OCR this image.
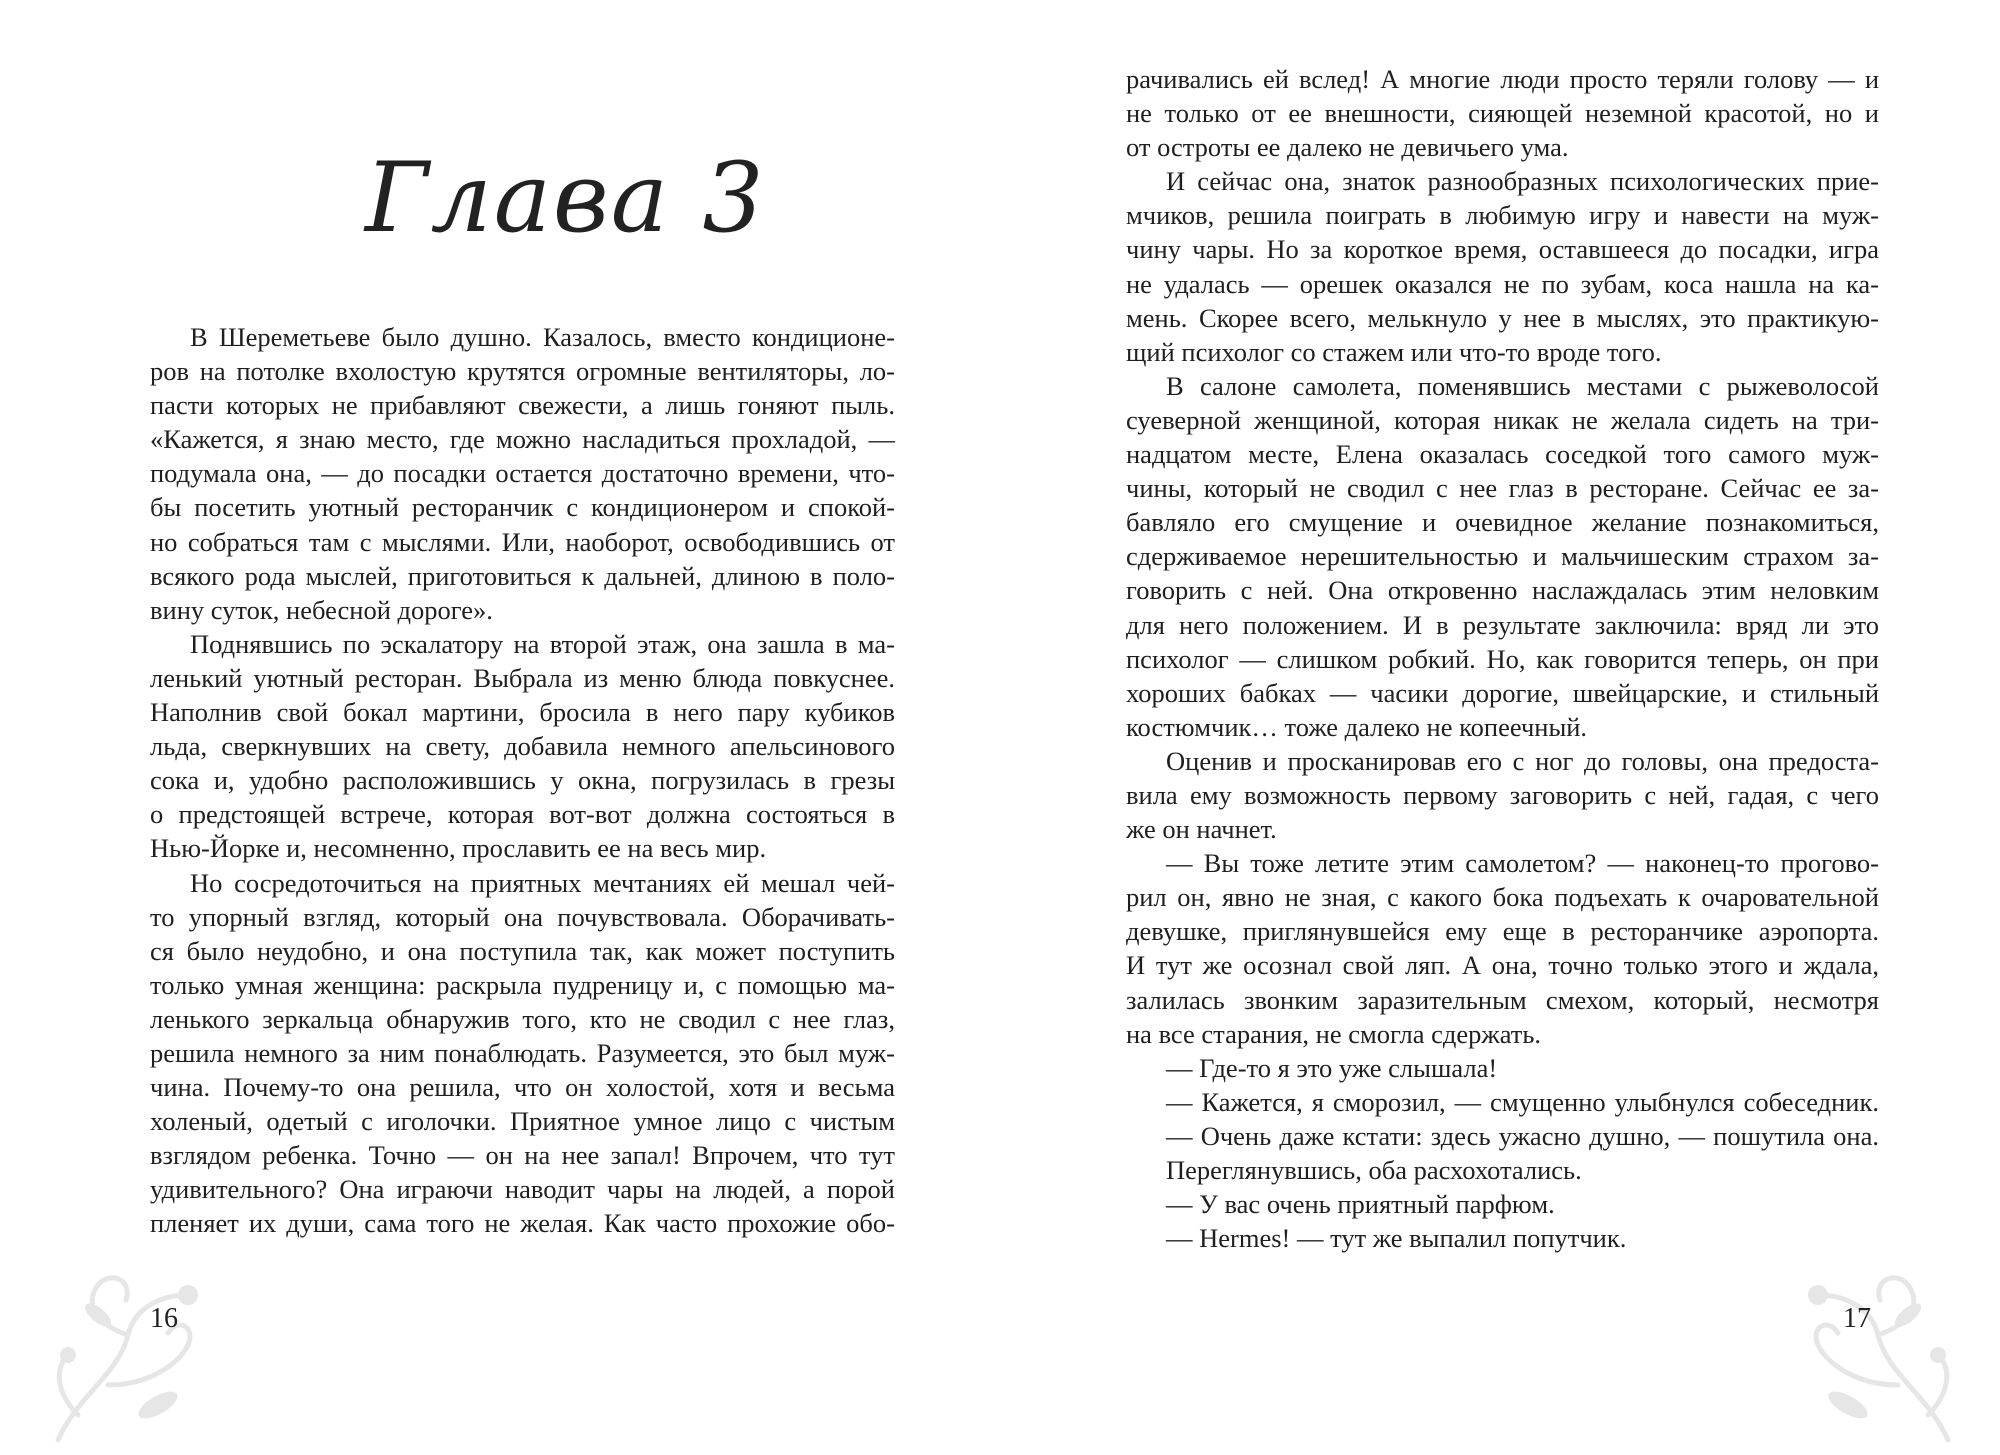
Глава 3
В Шереметьеве было душно. Казалось, вместо кондиционе-
ров на потолке вхолостую крутятся огромные вентиляторы, ло-
пасти которых не прибавляют свежести, а лишь гоняют пыль.
«Кажется, я знаю место, где можно насладиться прохладой, —
подумала она, — до посадки остается достаточно времени, что-
бы посетить уютный ресторанчик с кондиционером и спокой-
но собраться там с мыслями. Или, наоборот, освободившись от
всякого рода мыслей, приготовиться к дальней, длиною в поло-
вину суток, небесной дороге».
Поднявшись по эскалатору на второй этаж, она зашла в ма-
ленький уютный ресторан. Выбрала из меню блюда повкуснее.
Наполнив свой бокал мартини, бросила в него пару кубиков
льда, сверкнувших на свету, добавила немного апельсинового
сока и, удобно расположившись у окна, погрузилась в грезы
о предстоящей встрече, которая вот-вот должна состояться в
Нью-Йорке и, несомненно, прославить ее на весь мир.
Но сосредоточиться на приятных мечтаниях ей мешал чей-
то упорный взгляд, который она почувствовала. Оборачивать-
ся было неудобно, и она поступила так, как может поступить
только умная женщина: раскрыла пудреницу и, с помощью ма-
ленького зеркальца обнаружив того, кто не сводил с нее глаз,
решила немного за ним понаблюдать. Разумеется, это был муж-
чина. Почему-то она решила, что он холостой, хотя и весьма
холеный, одетый с иголочки. Приятное умное лицо с чистым
взглядом ребенка. Точно — он на нее запал! Впрочем, что тут
удивительного? Она играючи наводит чары на людей, а порой
пленяет их души, сама того не желая. Как часто прохожие обо-
16
рачивались ей вслед! А многие люди просто теряли голову — и
не только от ее внешности, сияющей неземной красотой, но и
от остроты ее далеко не девичьего ума.
И сейчас она, знаток разнообразных психологических прие-
мчиков, решила поиграть в любимую игру и навести на муж-
чину чары. Но за короткое время, оставшееся до посадки, игра
не удалась — орешек оказался не по зубам, коса нашла на ка-
мень. Скорее всего, мелькнуло у нее в мыслях, это практикую-
щий психолог со стажем или что-то вроде того.
В салоне самолета, поменявшись местами с рыжеволосой
суеверной женщиной, которая никак не желала сидеть на три-
надцатом месте, Елена оказалась соседкой того самого муж-
чины, который не сводил с нее глаз в ресторане. Сейчас ее за-
бавляло его смущение и очевидное желание познакомиться,
сдерживаемое нерешительностью и мальчишеским страхом за-
говорить с ней. Она откровенно наслаждалась этим неловким
для него положением. И в результате заключила: вряд ли это
психолог — слишком робкий. Но, как говорится теперь, он при
хороших бабках — часики дорогие, швейцарские, и стильный
костюмчик… тоже далеко не копеечный.
Оценив и просканировав его с ног до головы, она предоста-
вила ему возможность первому заговорить с ней, гадая, с чего
же он начнет.
— Вы тоже летите этим самолетом? — наконец-то прогово-
рил он, явно не зная, с какого бока подъехать к очаровательной
девушке, приглянувшейся ему еще в ресторанчике аэропорта.
И тут же осознал свой ляп. А она, точно только этого и ждала,
залилась звонким заразительным смехом, который, несмотря
на все старания, не смогла сдержать.
— Где-то я это уже слышала!
— Кажется, я сморозил, — смущенно улыбнулся собеседник.
— Очень даже кстати: здесь ужасно душно, — пошутила она.
Переглянувшись, оба расхохотались.
— У вас очень приятный парфюм.
— Hermes! — тут же выпалил попутчик.
17
